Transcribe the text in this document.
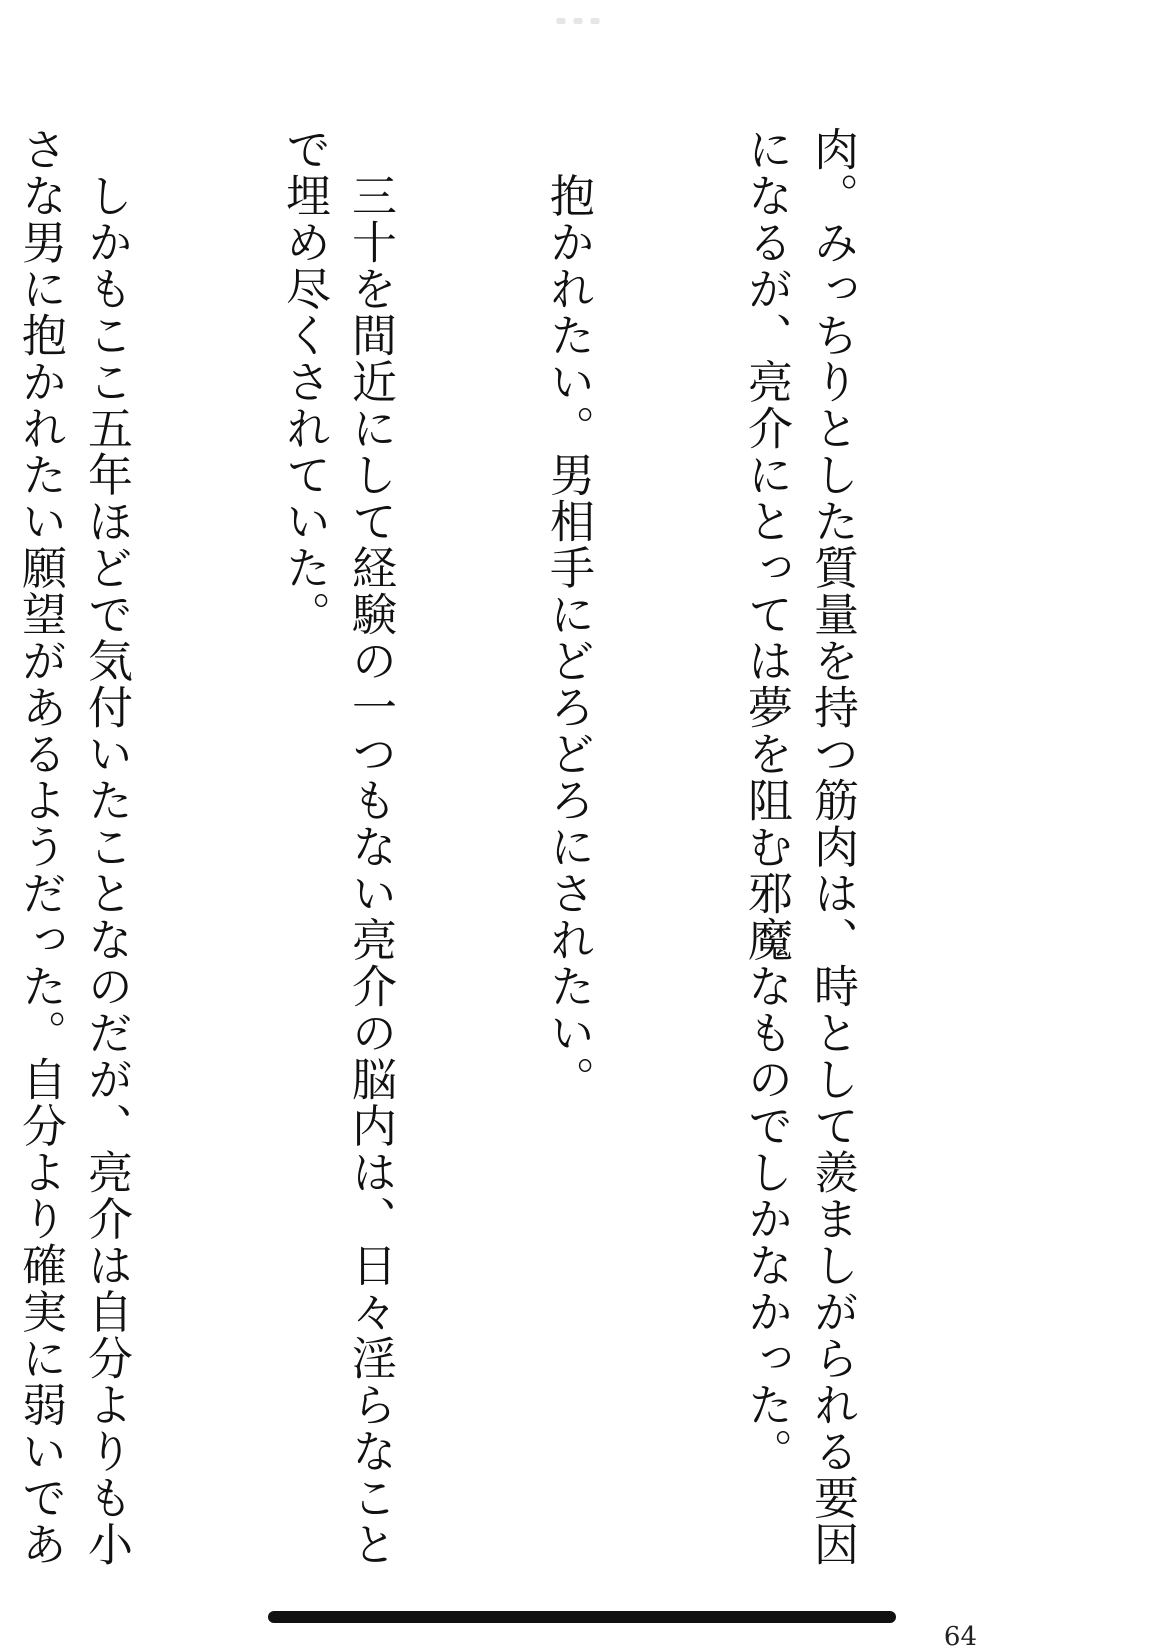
肉。みっちりとした質量を持つ筋肉は、時として羨ましがられる要因
になるが、亮介にとっては夢を阻む邪魔なものでしかなかった。

　抱かれたい。男相手にどろどろにされたい。

　三十を間近にして経験の一つもない亮介の脳内は、日々淫らなこと
で埋め尽くされていた。

　しかもここ五年ほどで気付いたことなのだが、亮介は自分よりも小
さな男に抱かれたい願望があるようだった。自分より確実に弱いであ

64
